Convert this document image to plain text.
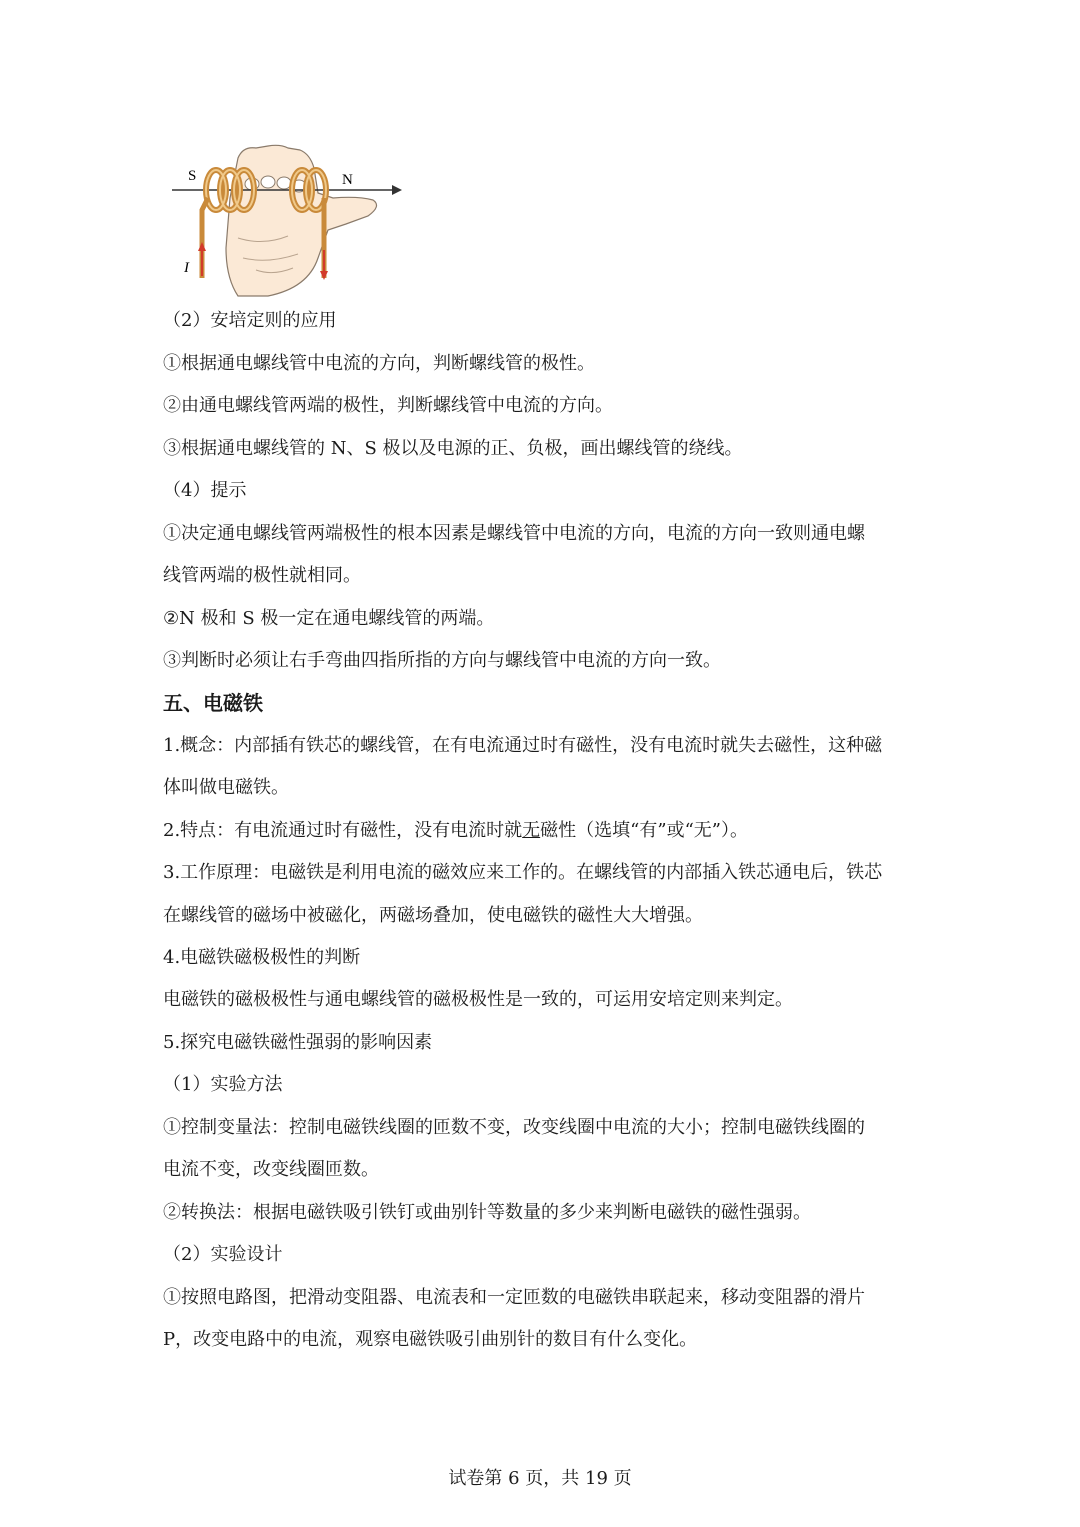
S	N
I
（2）安培定则的应用
①根据通电螺线管中电流的方向，判断螺线管的极性。
②由通电螺线管两端的极性，判断螺线管中电流的方向。
③根据通电螺线管的 N、S 极以及电源的正、负极，画出螺线管的绕线。
（4）提示
①决定通电螺线管两端极性的根本因素是螺线管中电流的方向，电流的方向一致则通电螺
线管两端的极性就相同。
②N 极和 S 极一定在通电螺线管的两端。
③判断时必须让右手弯曲四指所指的方向与螺线管中电流的方向一致。
五、电磁铁
1.概念：内部插有铁芯的螺线管，在有电流通过时有磁性，没有电流时就失去磁性，这种磁
体叫做电磁铁。
2.特点：有电流通过时有磁性，没有电流时就无磁性（选填“有”或“无”）。
3.工作原理：电磁铁是利用电流的磁效应来工作的。在螺线管的内部插入铁芯通电后，铁芯
在螺线管的磁场中被磁化，两磁场叠加，使电磁铁的磁性大大增强。
4.电磁铁磁极极性的判断
电磁铁的磁极极性与通电螺线管的磁极极性是一致的，可运用安培定则来判定。
5.探究电磁铁磁性强弱的影响因素
（1）实验方法
①控制变量法：控制电磁铁线圈的匝数不变，改变线圈中电流的大小；控制电磁铁线圈的
电流不变，改变线圈匝数。
②转换法：根据电磁铁吸引铁钉或曲别针等数量的多少来判断电磁铁的磁性强弱。
（2）实验设计
①按照电路图，把滑动变阻器、电流表和一定匝数的电磁铁串联起来，移动变阻器的滑片
P，改变电路中的电流，观察电磁铁吸引曲别针的数目有什么变化。
试卷第 6 页，共 19 页
